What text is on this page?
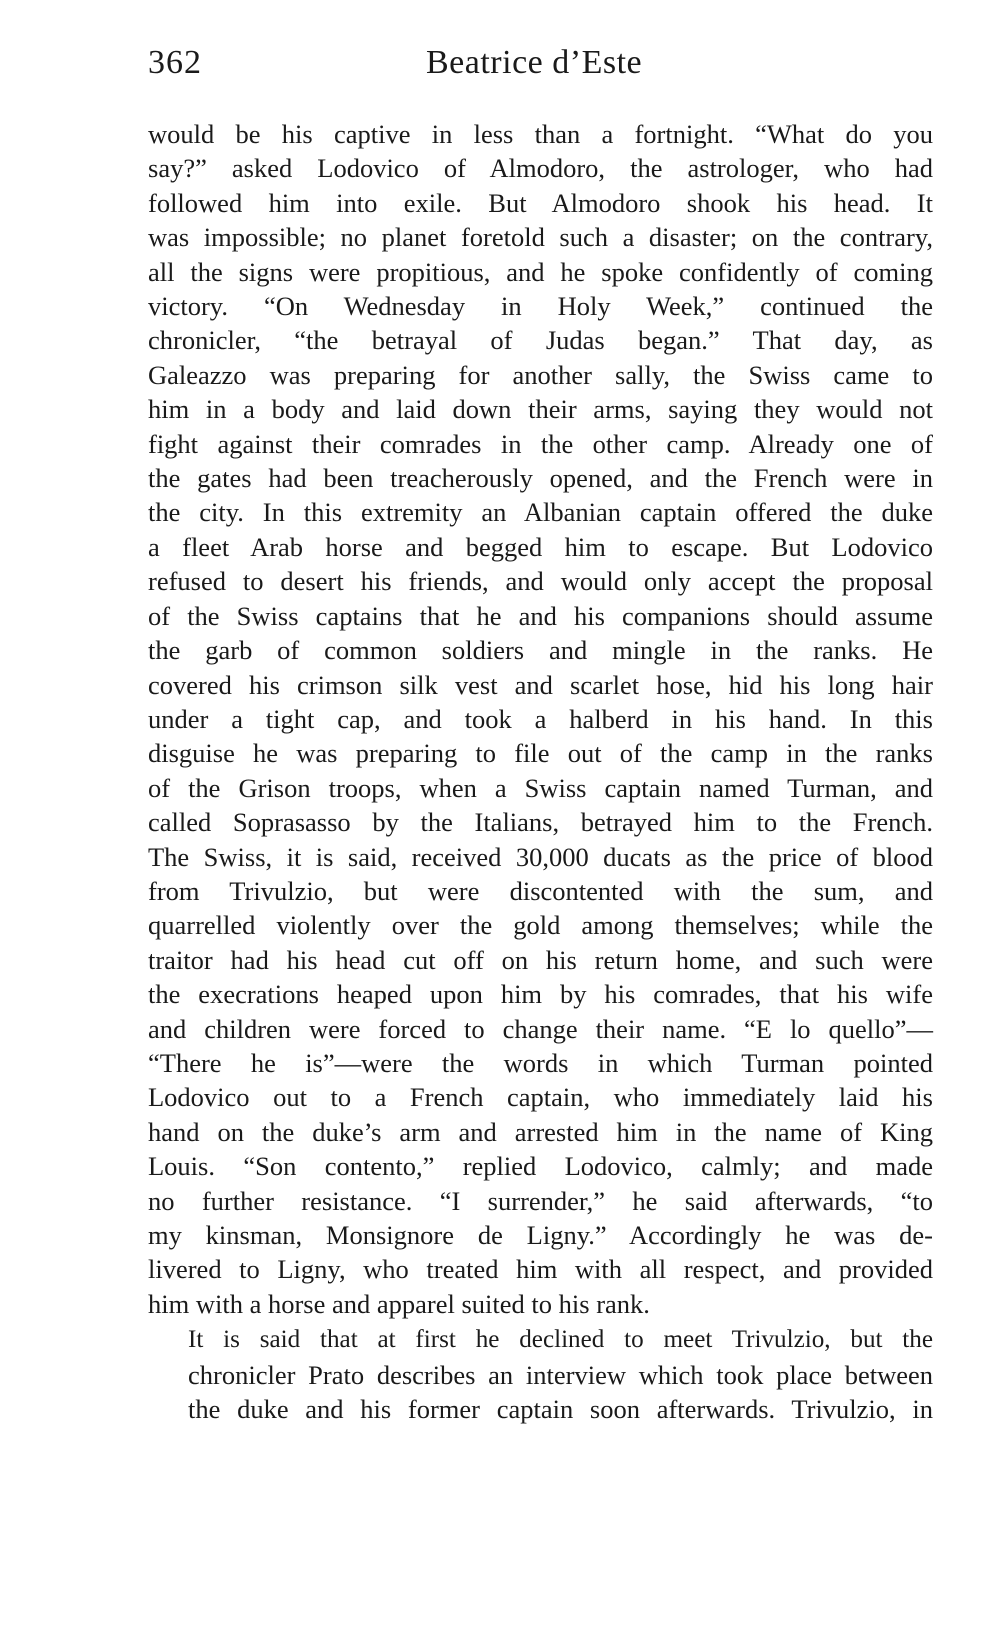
362	Beatrice d’Este

would be his captive in less than a fortnight. “What do you
say?” asked Lodovico of Almodoro, the astrologer, who had
followed him into exile. But Almodoro shook his head. It
was impossible; no planet foretold such a disaster; on the contrary,
all the signs were propitious, and he spoke confidently of coming
victory. “On Wednesday in Holy Week,” continued the
chronicler, “the betrayal of Judas began.” That day, as
Galeazzo was preparing for another sally, the Swiss came to
him in a body and laid down their arms, saying they would not
fight against their comrades in the other camp. Already one of
the gates had been treacherously opened, and the French were in
the city. In this extremity an Albanian captain offered the duke
a fleet Arab horse and begged him to escape. But Lodovico
refused to desert his friends, and would only accept the proposal
of the Swiss captains that he and his companions should assume
the garb of common soldiers and mingle in the ranks. He
covered his crimson silk vest and scarlet hose, hid his long hair
under a tight cap, and took a halberd in his hand. In this
disguise he was preparing to file out of the camp in the ranks
of the Grison troops, when a Swiss captain named Turman, and
called Soprasasso by the Italians, betrayed him to the French.
The Swiss, it is said, received 30,000 ducats as the price of blood
from Trivulzio, but were discontented with the sum, and
quarrelled violently over the gold among themselves; while the
traitor had his head cut off on his return home, and such were
the execrations heaped upon him by his comrades, that his wife
and children were forced to change their name. “E lo quello”—
“There he is”—were the words in which Turman pointed
Lodovico out to a French captain, who immediately laid his
hand on the duke’s arm and arrested him in the name of King
Louis. “Son contento,” replied Lodovico, calmly; and made
no further resistance. “I surrender,” he said afterwards, “to
my kinsman, Monsignore de Ligny.” Accordingly he was de-
livered to Ligny, who treated him with all respect, and provided
him with a horse and apparel suited to his rank.

It is said that at first he declined to meet Trivulzio, but the
chronicler Prato describes an interview which took place between
the duke and his former captain soon afterwards. Trivulzio, in
